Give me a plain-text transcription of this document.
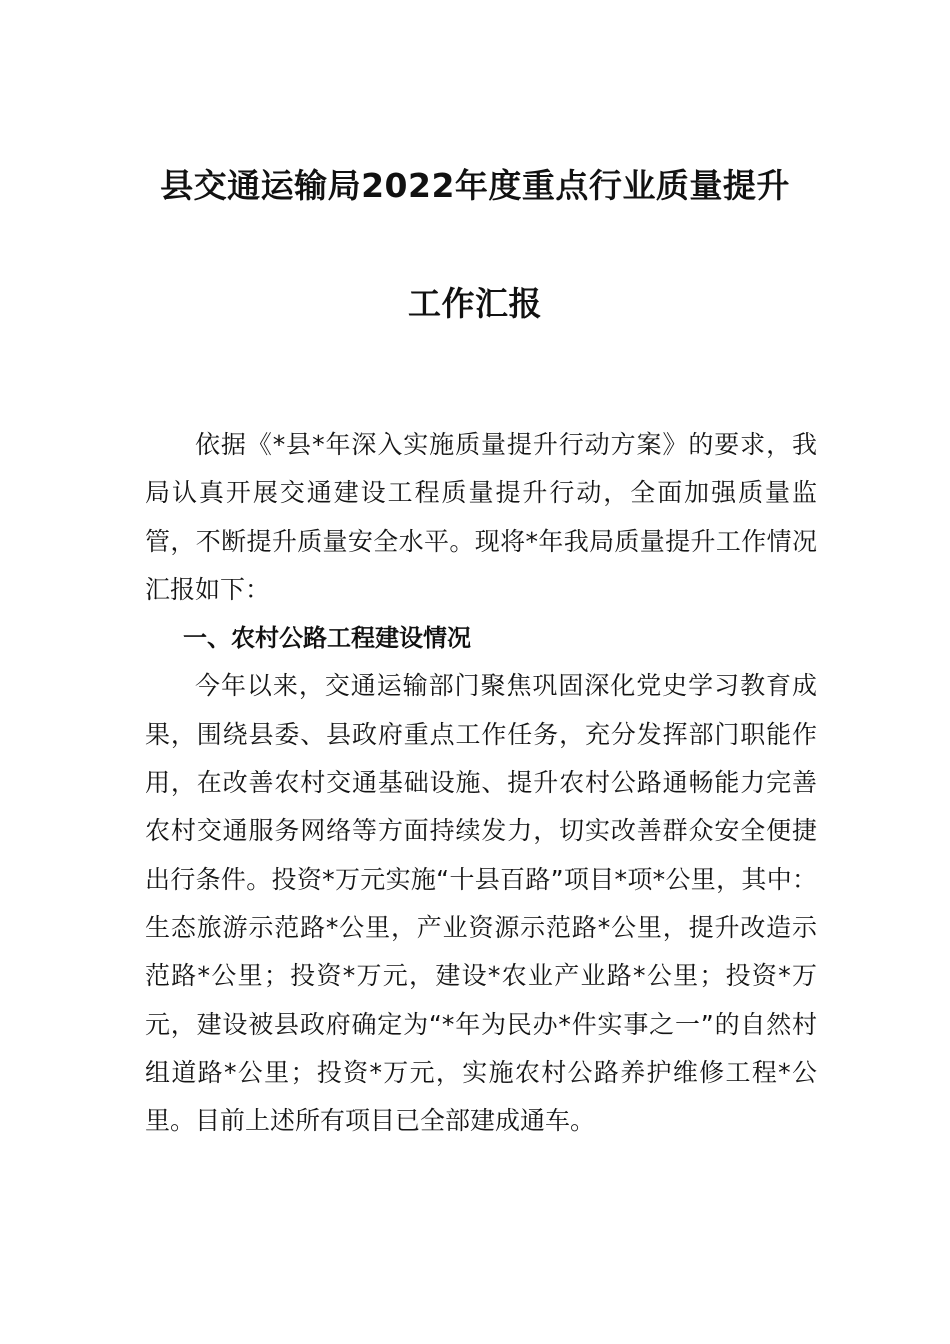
县交通运输局2022年度重点行业质量提升
工作汇报

依据《*县*年深入实施质量提升行动方案》的要求，我局认真开展交通建设工程质量提升行动，全面加强质量监管，不断提升质量安全水平。现将*年我局质量提升工作情况汇报如下：

一、农村公路工程建设情况

今年以来，交通运输部门聚焦巩固深化党史学习教育成果，围绕县委、县政府重点工作任务，充分发挥部门职能作用，在改善农村交通基础设施、提升农村公路通畅能力完善农村交通服务网络等方面持续发力，切实改善群众安全便捷出行条件。投资*万元实施“十县百路”项目*项*公里，其中：生态旅游示范路*公里，产业资源示范路*公里，提升改造示范路*公里；投资*万元，建设*农业产业路*公里；投资*万元，建设被县政府确定为“*年为民办*件实事之一”的自然村组道路*公里；投资*万元，实施农村公路养护维修工程*公里。目前上述所有项目已全部建成通车。
